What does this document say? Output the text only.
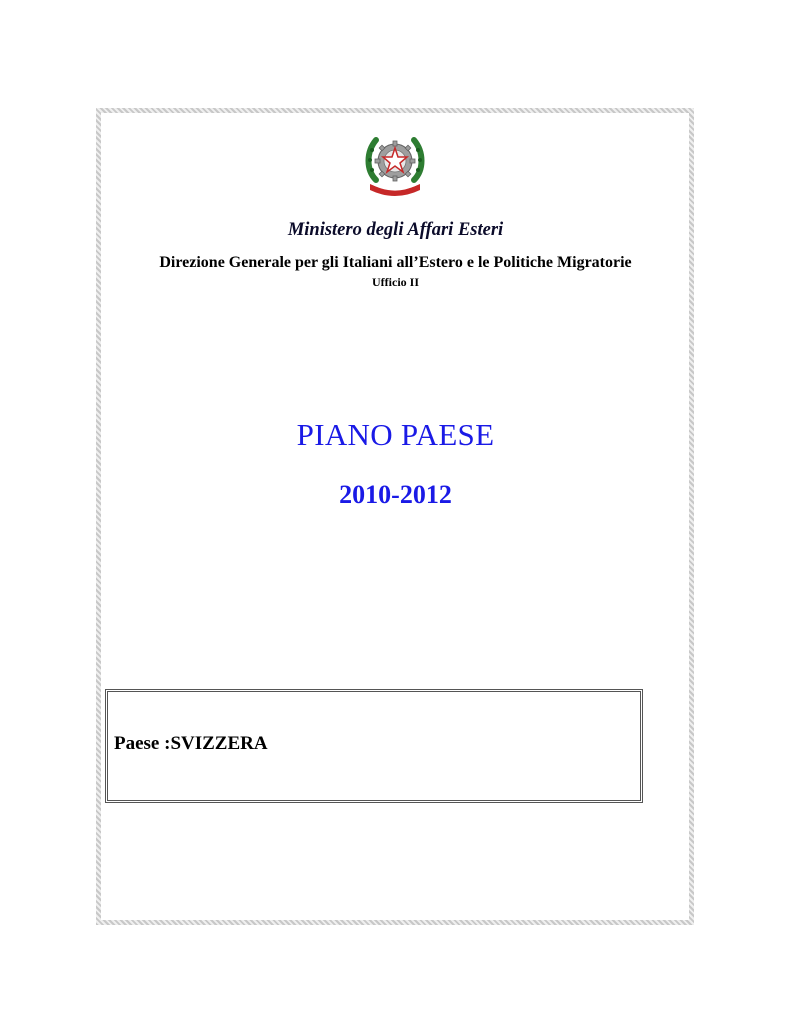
Ministero degli Affari Esteri
Direzione Generale per gli Italiani all’Estero e le Politiche Migratorie
Ufficio II
PIANO PAESE
2010-2012
Paese :SVIZZERA
